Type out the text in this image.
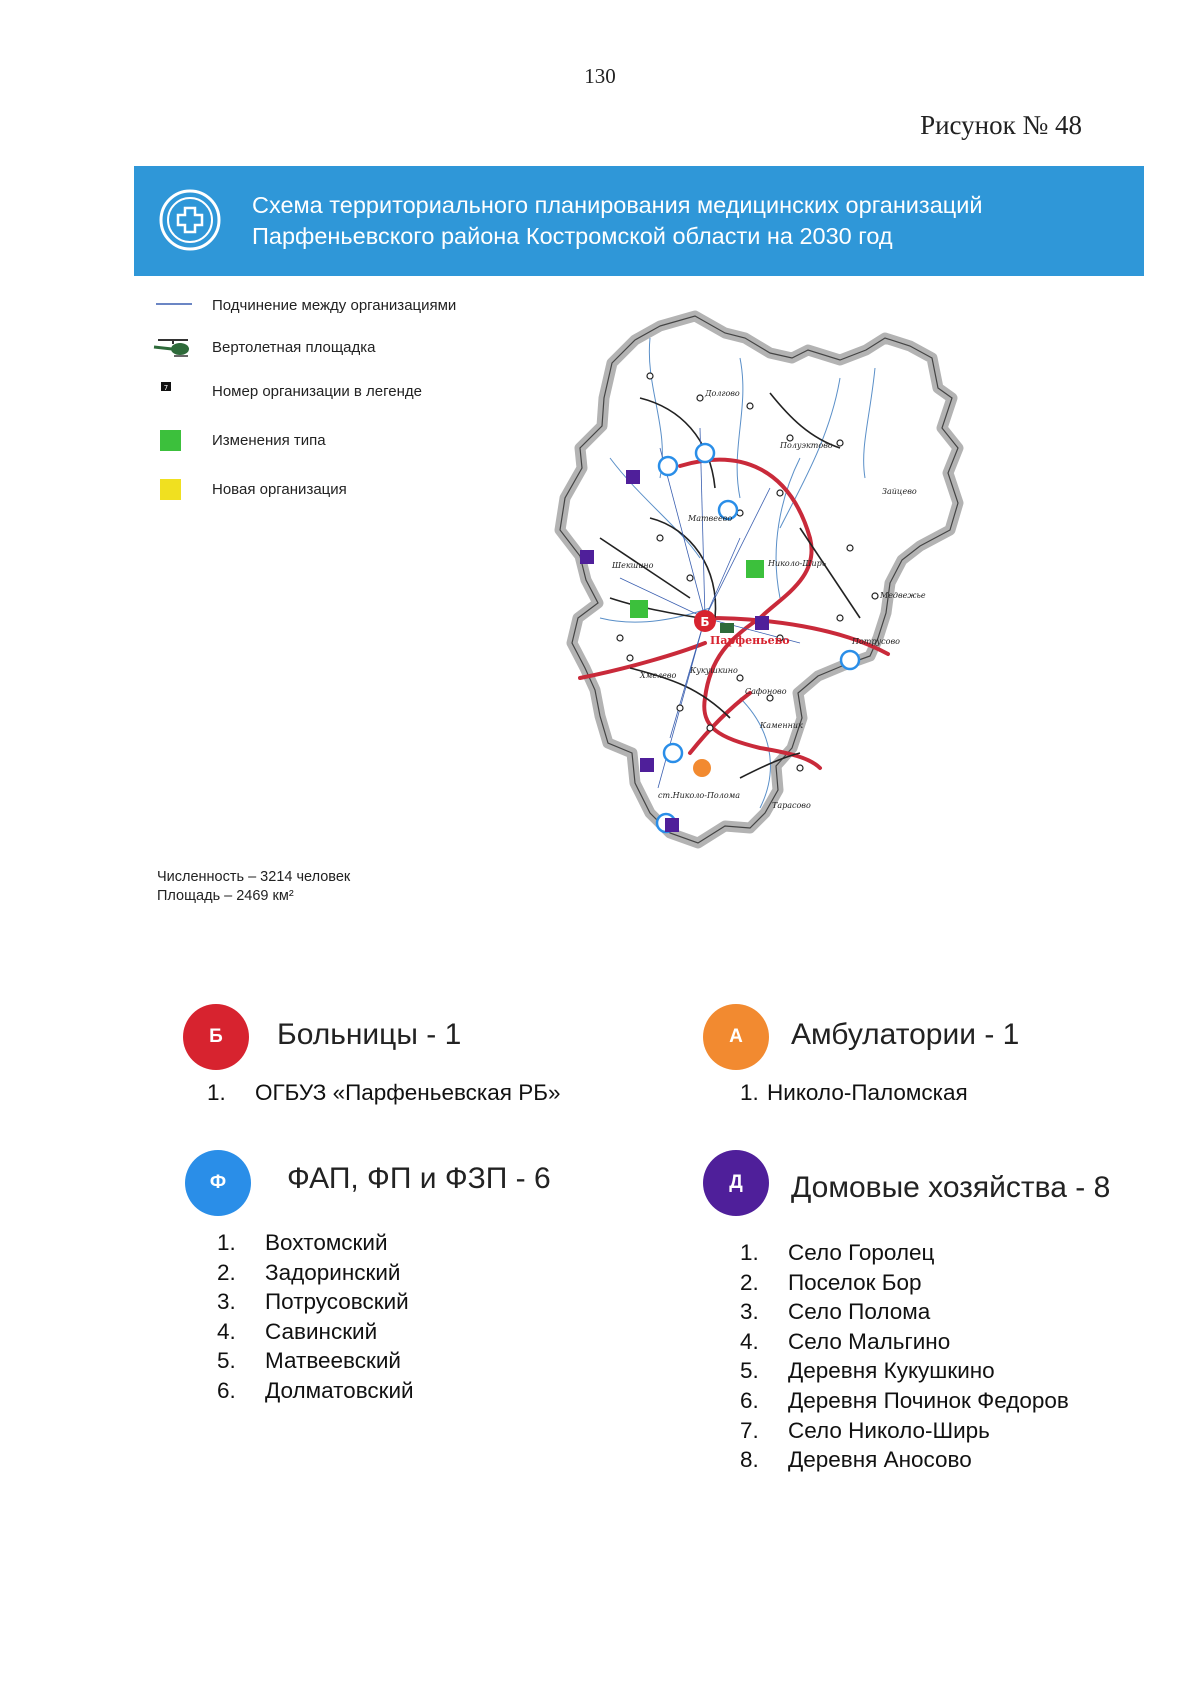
130
Рисунок № 48
Схема территориального планирования медицинских организаций
Парфеньевского района Костромской области на 2030 год
Подчинение между организациями
Вертолетная площадка
7	Номер организации в легенде
Изменения типа
Новая организация
Б
Парфеньево
Долгово
Матвеево
Николо-Ширь
Потрусово
Сафоново
Кукушкино
ст.Николо-Полома
Тарасово
Медвежье
Шекшино
Полуэктово
Каменник
Зайцево
Хмелево
Численность – 3214 человек
Площадь – 2469 км²
Б	Больницы - 1
1. ОГБУЗ «Парфеньевская РБ»
А	Амбулатории - 1
1. Николо-Паломская
Ф	ФАП, ФП и ФЗП - 6
1. Вохтомский
2. Задоринский
3. Потрусовский
4. Савинский
5. Матвеевский
6. Долматовский
Д	Домовые хозяйства - 8
1. Село Горолец
2. Поселок Бор
3. Село Полома
4. Село Мальгино
5. Деревня Кукушкино
6. Деревня Починок Федоров
7. Село Николо-Ширь
8. Деревня Аносово
